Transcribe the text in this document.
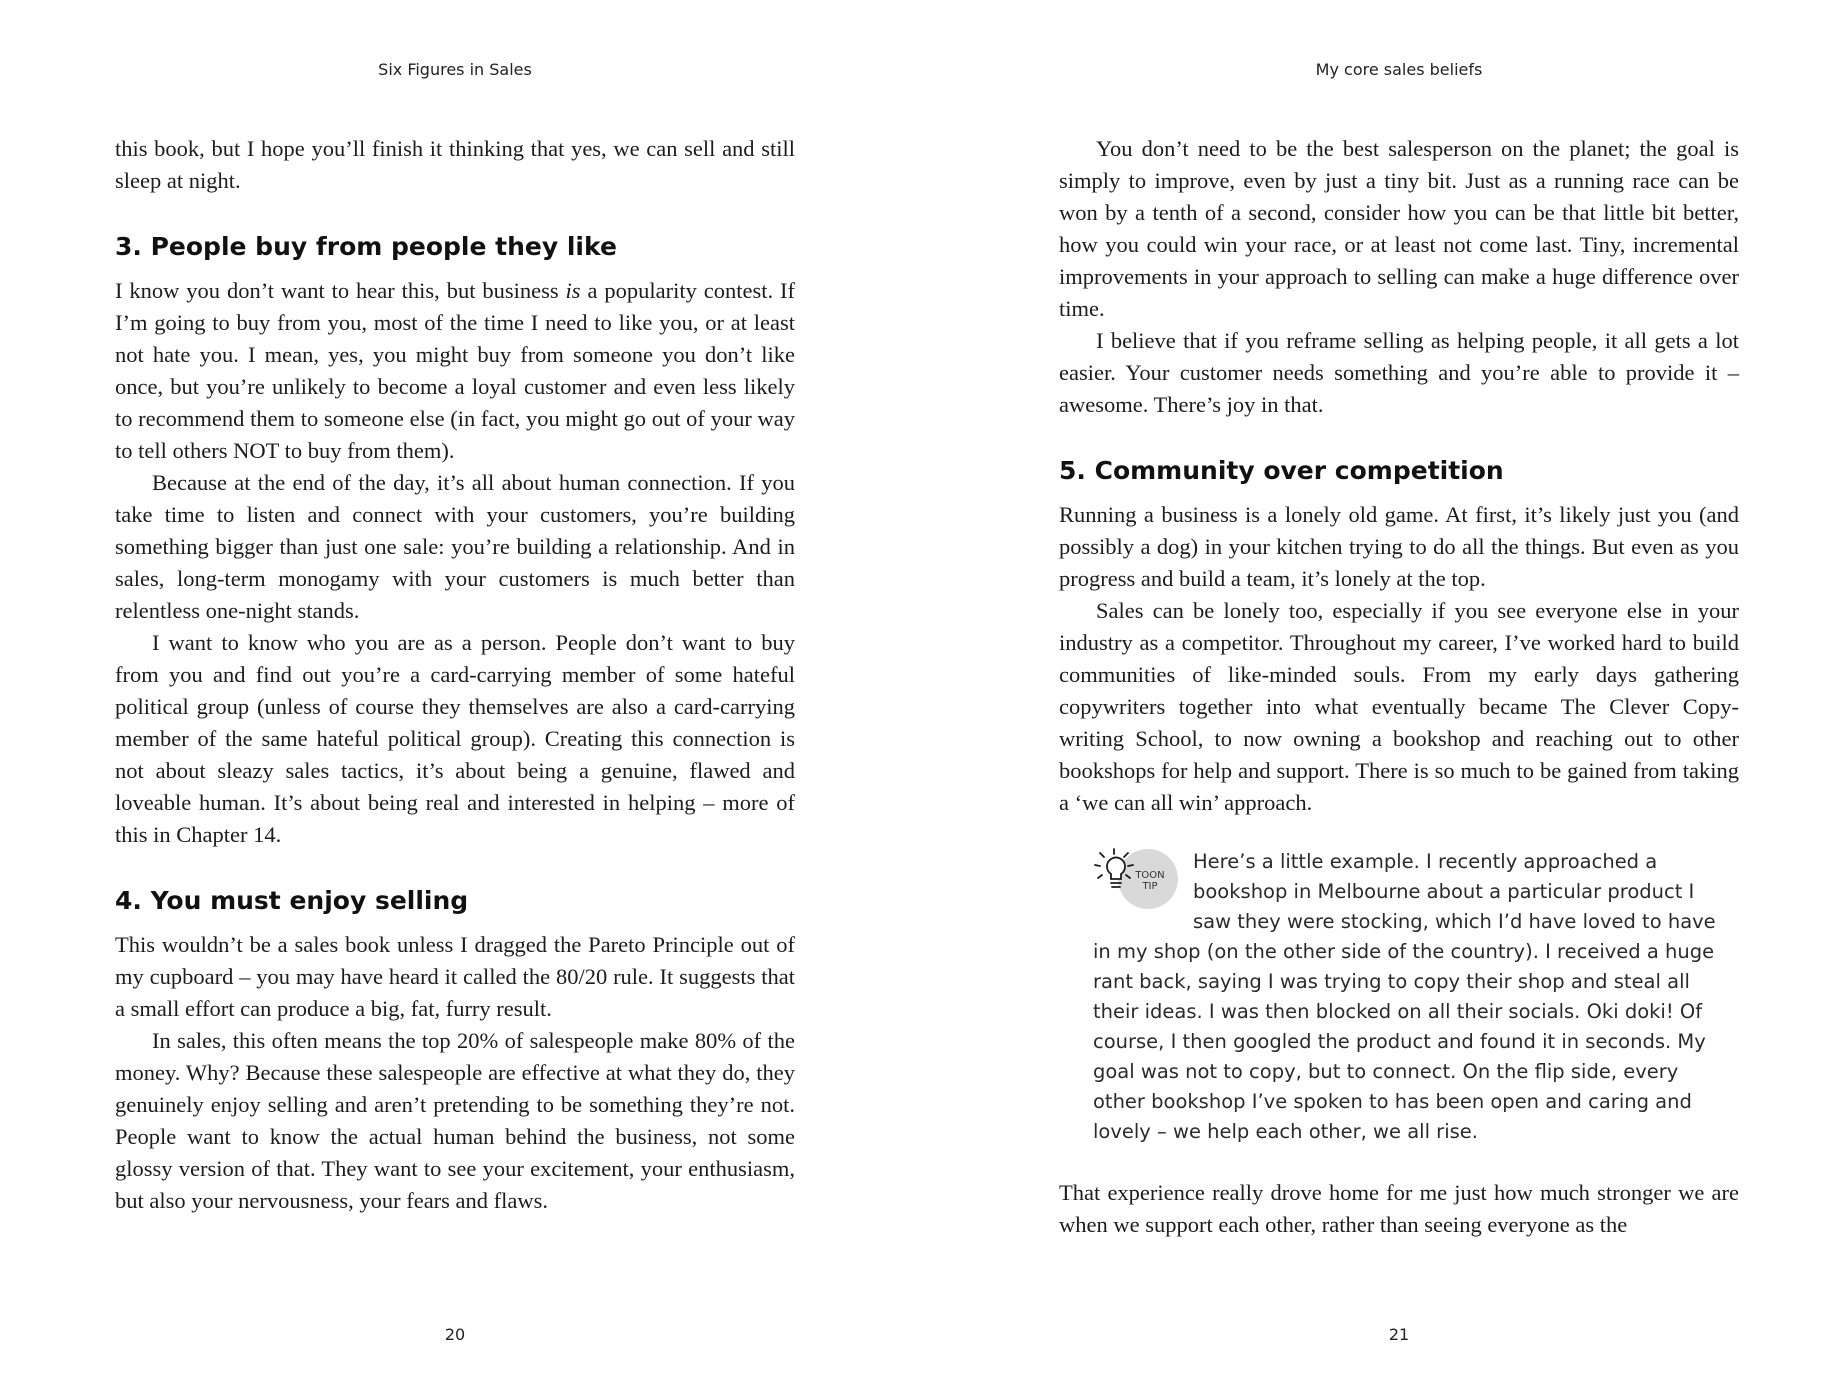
Six Figures in Sales

this book, but I hope you’ll finish it thinking that yes, we can sell and still sleep at night.

3. People buy from people they like

I know you don’t want to hear this, but business is a popularity contest. If I’m going to buy from you, most of the time I need to like you, or at least not hate you. I mean, yes, you might buy from someone you don’t like once, but you’re unlikely to become a loyal customer and even less likely to recommend them to someone else (in fact, you might go out of your way to tell others NOT to buy from them).

Because at the end of the day, it’s all about human connection. If you take time to listen and connect with your customers, you’re building something bigger than just one sale: you’re building a relationship. And in sales, long-term monogamy with your customers is much better than relentless one-night stands.

I want to know who you are as a person. People don’t want to buy from you and find out you’re a card-carrying member of some hateful political group (unless of course they themselves are also a card-carrying member of the same hateful political group). Creating this connection is not about sleazy sales tactics, it’s about being a genuine, flawed and loveable human. It’s about being real and interested in helping – more of this in Chapter 14.

4. You must enjoy selling

This wouldn’t be a sales book unless I dragged the Pareto Principle out of my cupboard – you may have heard it called the 80/20 rule. It suggests that a small effort can produce a big, fat, furry result.

In sales, this often means the top 20% of salespeople make 80% of the money. Why? Because these salespeople are effective at what they do, they genuinely enjoy selling and aren’t pretending to be something they’re not. People want to know the actual human behind the business, not some glossy version of that. They want to see your excitement, your enthusiasm, but also your nervousness, your fears and flaws.

20
My core sales beliefs

You don’t need to be the best salesperson on the planet; the goal is simply to improve, even by just a tiny bit. Just as a running race can be won by a tenth of a second, consider how you can be that little bit better, how you could win your race, or at least not come last. Tiny, incremental improvements in your approach to selling can make a huge difference over time.

I believe that if you reframe selling as helping people, it all gets a lot easier. Your customer needs something and you’re able to provide it – awesome. There’s joy in that.

5. Community over competition

Running a business is a lonely old game. At first, it’s likely just you (and possibly a dog) in your kitchen trying to do all the things. But even as you progress and build a team, it’s lonely at the top.

Sales can be lonely too, especially if you see everyone else in your industry as a competitor. Throughout my career, I’ve worked hard to build communities of like-minded souls. From my early days gathering copywriters together into what eventually became The Clever Copy-writing School, to now owning a bookshop and reaching out to other bookshops for help and support. There is so much to be gained from taking a ‘we can all win’ approach.

TOON
TIP
Here’s a little example. I recently approached a bookshop in Melbourne about a particular product I saw they were stocking, which I’d have loved to have in my shop (on the other side of the country). I received a huge rant back, saying I was trying to copy their shop and steal all their ideas. I was then blocked on all their socials. Oki doki! Of course, I then googled the product and found it in seconds. My goal was not to copy, but to connect. On the flip side, every other bookshop I’ve spoken to has been open and caring and lovely – we help each other, we all rise.

That experience really drove home for me just how much stronger we are when we support each other, rather than seeing everyone as the

21
